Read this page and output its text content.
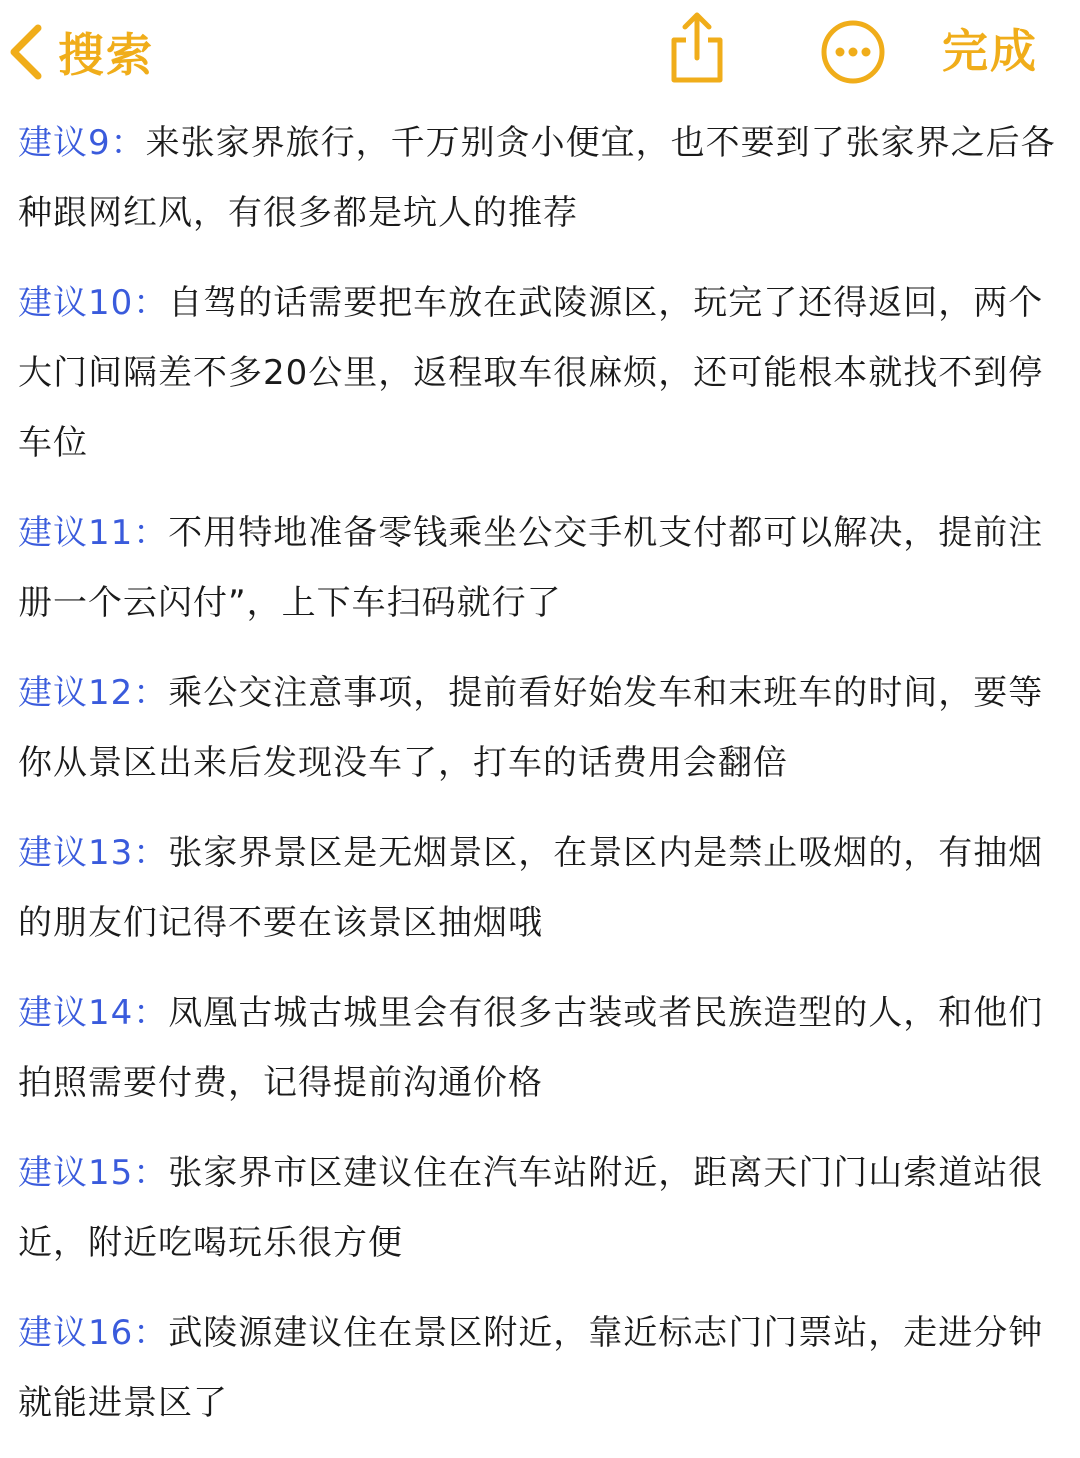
搜索	完成
建议9：来张家界旅行，千万别贪小便宜，也不要到了张家界之后各种跟网红风，有很多都是坑人的推荐
建议10：自驾的话需要把车放在武陵源区，玩完了还得返回，两个大门间隔差不多20公里，返程取车很麻烦，还可能根本就找不到停车位
建议11：不用特地准备零钱乘坐公交手机支付都可以解决，提前注册一个云闪付”，上下车扫码就行了
建议12：乘公交注意事项，提前看好始发车和末班车的时间，要等你从景区出来后发现没车了，打车的话费用会翻倍
建议13：张家界景区是无烟景区，在景区内是禁止吸烟的，有抽烟的朋友们记得不要在该景区抽烟哦
建议14：凤凰古城古城里会有很多古装或者民族造型的人，和他们拍照需要付费，记得提前沟通价格
建议15：张家界市区建议住在汽车站附近，距离天门门山索道站很近，附近吃喝玩乐很方便
建议16：武陵源建议住在景区附近，靠近标志门门票站，走进分钟就能进景区了
